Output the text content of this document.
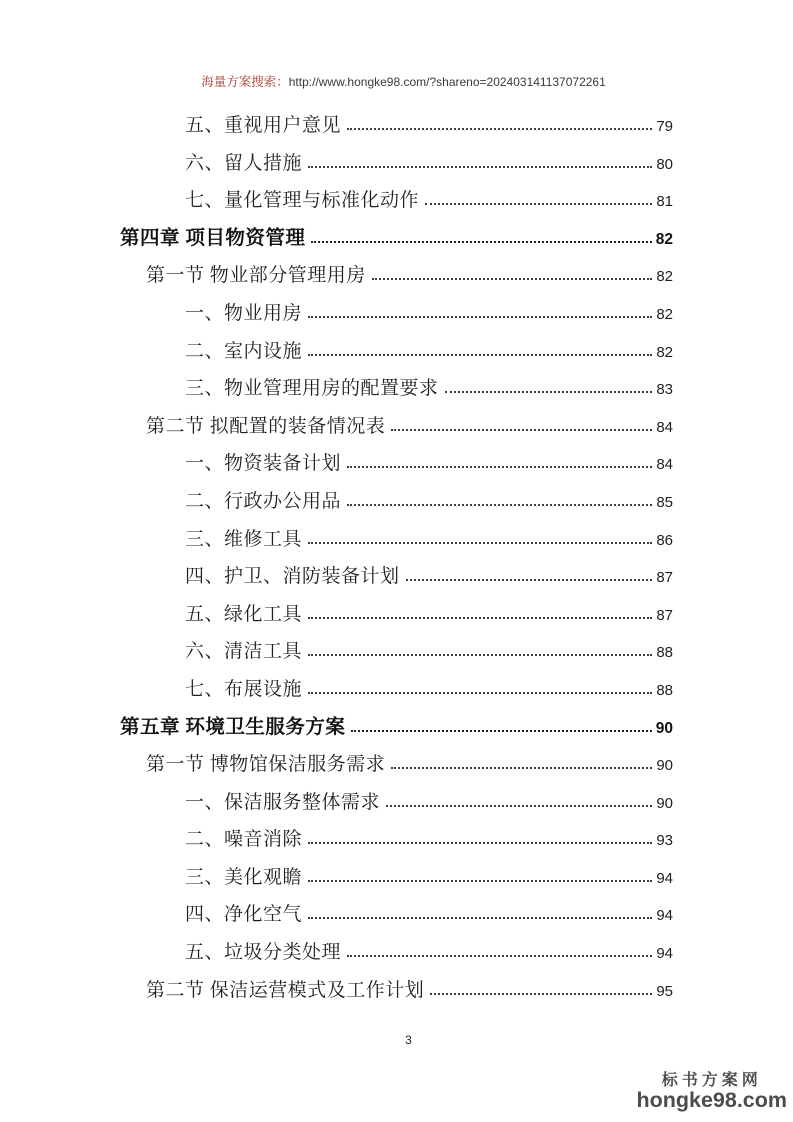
海量方案搜索：http://www.hongke98.com/?shareno=202403141137072261
五、重视用户意见	79
六、留人措施	80
七、量化管理与标准化动作	81
第四章 项目物资管理	82
第一节 物业部分管理用房	82
一、物业用房	82
二、室内设施	82
三、物业管理用房的配置要求	83
第二节 拟配置的装备情况表	84
一、物资装备计划	84
二、行政办公用品	85
三、维修工具	86
四、护卫、消防装备计划	87
五、绿化工具	87
六、清洁工具	88
七、布展设施	88
第五章 环境卫生服务方案	90
第一节 博物馆保洁服务需求	90
一、保洁服务整体需求	90
二、噪音消除	93
三、美化观瞻	94
四、净化空气	94
五、垃圾分类处理	94
第二节 保洁运营模式及工作计划	95
3
标书方案网
hongke98.com
